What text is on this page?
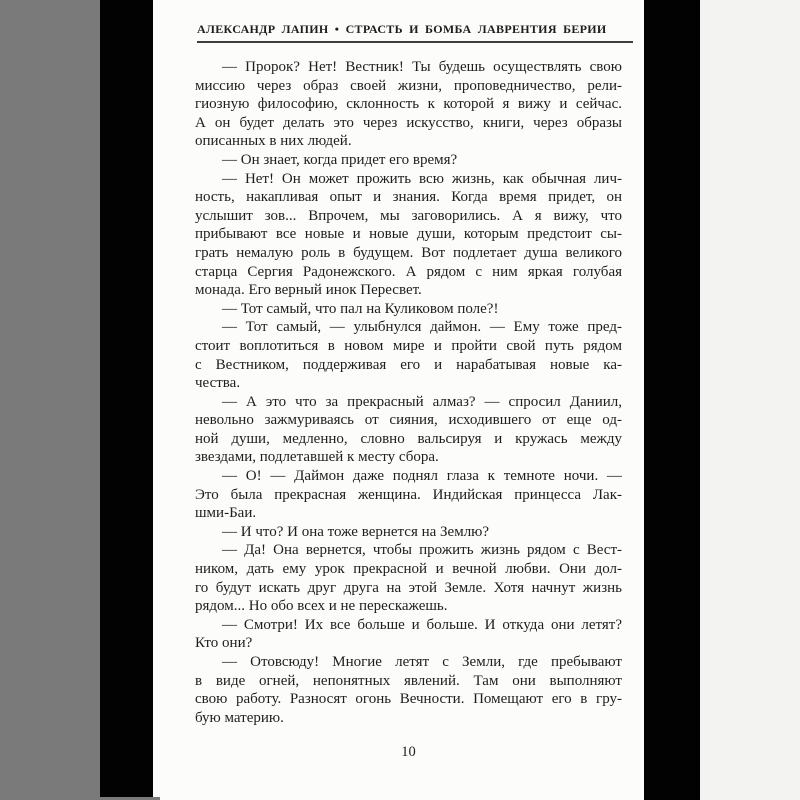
АЛЕКСАНДР ЛАПИН • СТРАСТЬ И БОМБА ЛАВРЕНТИЯ БЕРИИ
— Пророк? Нет! Вестник! Ты будешь осуществлять свою
миссию через образ своей жизни, проповедничество, рели-
гиозную философию, склонность к которой я вижу и сейчас.
А он будет делать это через искусство, книги, через образы
описанных в них людей.
— Он знает, когда придет его время?
— Нет! Он может прожить всю жизнь, как обычная лич-
ность, накапливая опыт и знания. Когда время придет, он
услышит зов... Впрочем, мы заговорились. А я вижу, что
прибывают все новые и новые души, которым предстоит сы-
грать немалую роль в будущем. Вот подлетает душа великого
старца Сергия Радонежского. А рядом с ним яркая голубая
монада. Его верный инок Пересвет.
— Тот самый, что пал на Куликовом поле?!
— Тот самый, — улыбнулся даймон. — Ему тоже пред-
стоит воплотиться в новом мире и пройти свой путь рядом
с Вестником, поддерживая его и нарабатывая новые ка-
чества.
— А это что за прекрасный алмаз? — спросил Даниил,
невольно зажмуриваясь от сияния, исходившего от еще од-
ной души, медленно, словно вальсируя и кружась между
звездами, подлетавшей к месту сбора.
— О! — Даймон даже поднял глаза к темноте ночи. —
Это была прекрасная женщина. Индийская принцесса Лак-
шми-Баи.
— И что? И она тоже вернется на Землю?
— Да! Она вернется, чтобы прожить жизнь рядом с Вест-
ником, дать ему урок прекрасной и вечной любви. Они дол-
го будут искать друг друга на этой Земле. Хотя начнут жизнь
рядом... Но обо всех и не перескажешь.
— Смотри! Их все больше и больше. И откуда они летят?
Кто они?
— Отовсюду! Многие летят с Земли, где пребывают
в виде огней, непонятных явлений. Там они выполняют
свою работу. Разносят огонь Вечности. Помещают его в гру-
бую материю.
10
